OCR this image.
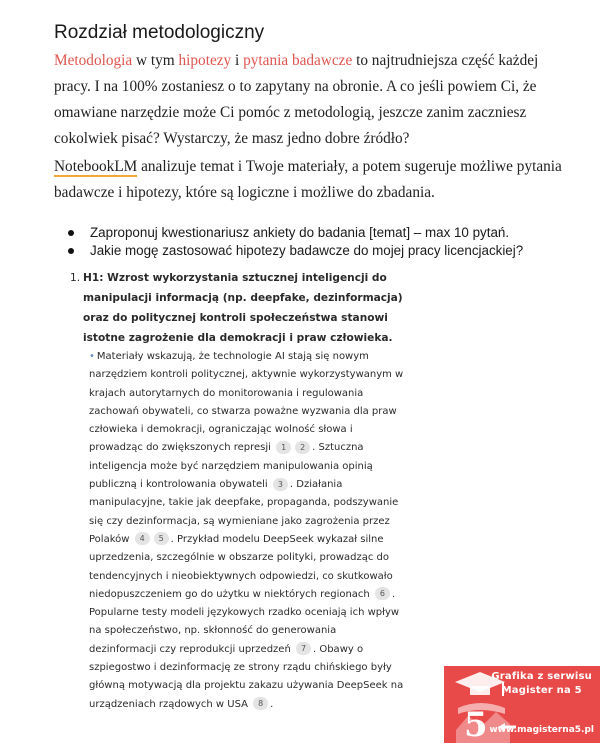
Rozdział metodologiczny
Metodologia w tym hipotezy i pytania badawcze to najtrudniejsza część każdej pracy. I na 100% zostaniesz o to zapytany na obronie. A co jeśli powiem Ci, że omawiane narzędzie może Ci pomóc z metodologią, jeszcze zanim zaczniesz cokolwiek pisać? Wystarczy, że masz jedno dobre źródło?
NotebookLM analizuje temat i Twoje materiały, a potem sugeruje możliwe pytania badawcze i hipotezy, które są logiczne i możliwe do zbadania.
Zaproponuj kwestionariusz ankiety do badania [temat] – max 10 pytań.
Jakie mogę zastosować hipotezy badawcze do mojej pracy licencjackiej?
1. H1: Wzrost wykorzystania sztucznej inteligencji do manipulacji informacją (np. deepfake, dezinformacja) oraz do politycznej kontroli społeczeństwa stanowi istotne zagrożenie dla demokracji i praw człowieka.
• Materiały wskazują, że technologie AI stają się nowym narzędziem kontroli politycznej, aktywnie wykorzystywanym w krajach autorytarnych do monitorowania i regulowania zachowań obywateli, co stwarza poważne wyzwania dla praw człowieka i demokracji, ograniczając wolność słowa i prowadząc do zwiększonych represji 1 2 . Sztuczna inteligencja może być narzędziem manipulowania opinią publiczną i kontrolowania obywateli 3 . Działania manipulacyjne, takie jak deepfake, propaganda, podszywanie się czy dezinformacja, są wymieniane jako zagrożenia przez Polaków 4 5 . Przykład modelu DeepSeek wykazał silne uprzedzenia, szczególnie w obszarze polityki, prowadząc do tendencyjnych i nieobiektywnych odpowiedzi, co skutkowało niedopuszczeniem go do użytku w niektórych regionach 6 . Popularne testy modeli językowych rzadko oceniają ich wpływ na społeczeństwo, np. skłonność do generowania dezinformacji czy reprodukcji uprzedzeń 7 . Obawy o szpiegostwo i dezinformację ze strony rządu chińskiego były główną motywacją dla projektu zakazu używania DeepSeek na urządzeniach rządowych w USA 8 .
5
Grafika z serwisu
Magister na 5
www.magisterna5.pl
